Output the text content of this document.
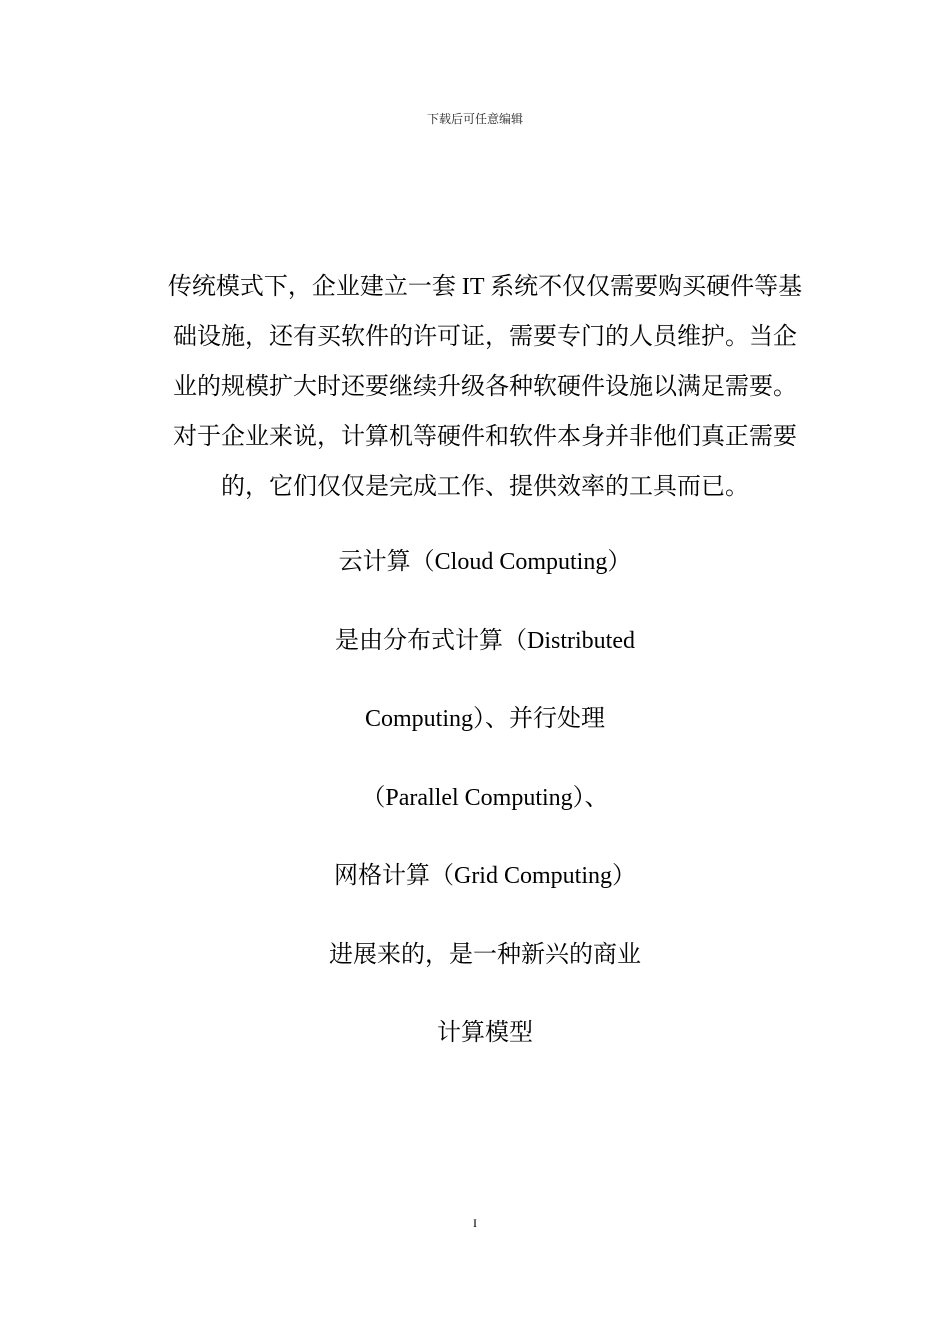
下载后可任意编辑
传统模式下，企业建立一套 IT 系统不仅仅需要购买硬件等基
础设施，还有买软件的许可证，需要专门的人员维护。当企
业的规模扩大时还要继续升级各种软硬件设施以满足需要。
对于企业来说，计算机等硬件和软件本身并非他们真正需要
的，它们仅仅是完成工作、提供效率的工具而已。
云计算（Cloud Computing）
是由分布式计算（Distributed
Computing）、并行处理
（Parallel Computing）、
网格计算（Grid Computing）
进展来的，是一种新兴的商业
计算模型
I
